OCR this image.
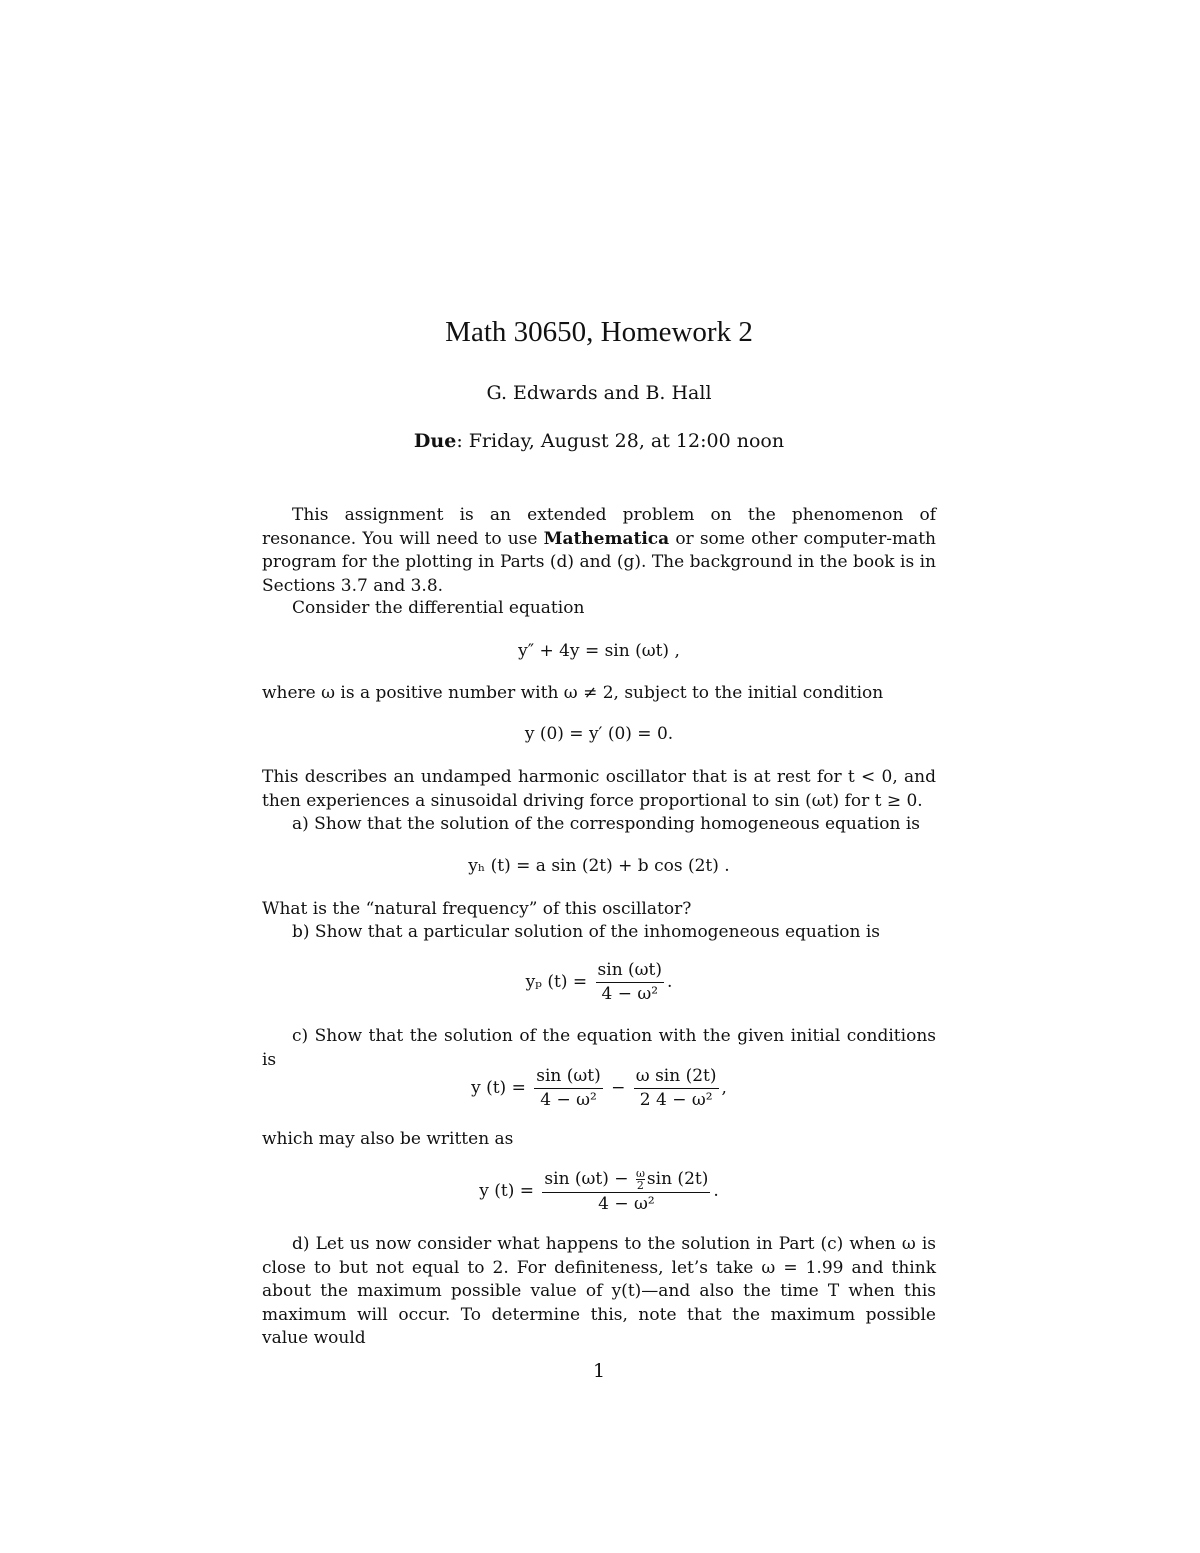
Math 30650, Homework 2
G. Edwards and B. Hall
Due: Friday, August 28, at 12:00 noon
This assignment is an extended problem on the phenomenon of resonance. You will need to use Mathematica or some other computer-math program for the plotting in Parts (d) and (g). The background in the book is in Sections 3.7 and 3.8.
Consider the differential equation
y″ + 4y = sin (ωt) ,
where ω is a positive number with ω ≠ 2, subject to the initial condition
y (0) = y′ (0) = 0.
This describes an undamped harmonic oscillator that is at rest for t < 0, and then experiences a sinusoidal driving force proportional to sin (ωt) for t ≥ 0.
a) Show that the solution of the corresponding homogeneous equation is
yₕ (t) = a sin (2t) + b cos (2t) .
What is the “natural frequency” of this oscillator?
b) Show that a particular solution of the inhomogeneous equation is
yₚ $(t) = \frac{\sin (\omega t)}{\text{4 − ω²}}$ .
c) Show that the solution of the equation with the given initial conditions is
y $(t) = \frac{\sin (\omega t)}{\text{4 − ω²}} - \frac{\text{ω sin (2t)}}{\text{2 4 − ω²}}$ ,
which may also be written as
y $(t) = \frac{\sin (\omega t) - \frac{\omega}{2} \sin (2t)}{\text{4 − ω²}}$ .
d) Let us now consider what happens to the solution in Part (c) when ω is close to but not equal to 2. For definiteness, let’s take ω = 1.99 and think about the maximum possible value of y(t)—and also the time T when this maximum will occur. To determine this, note that the maximum possible value would
1
